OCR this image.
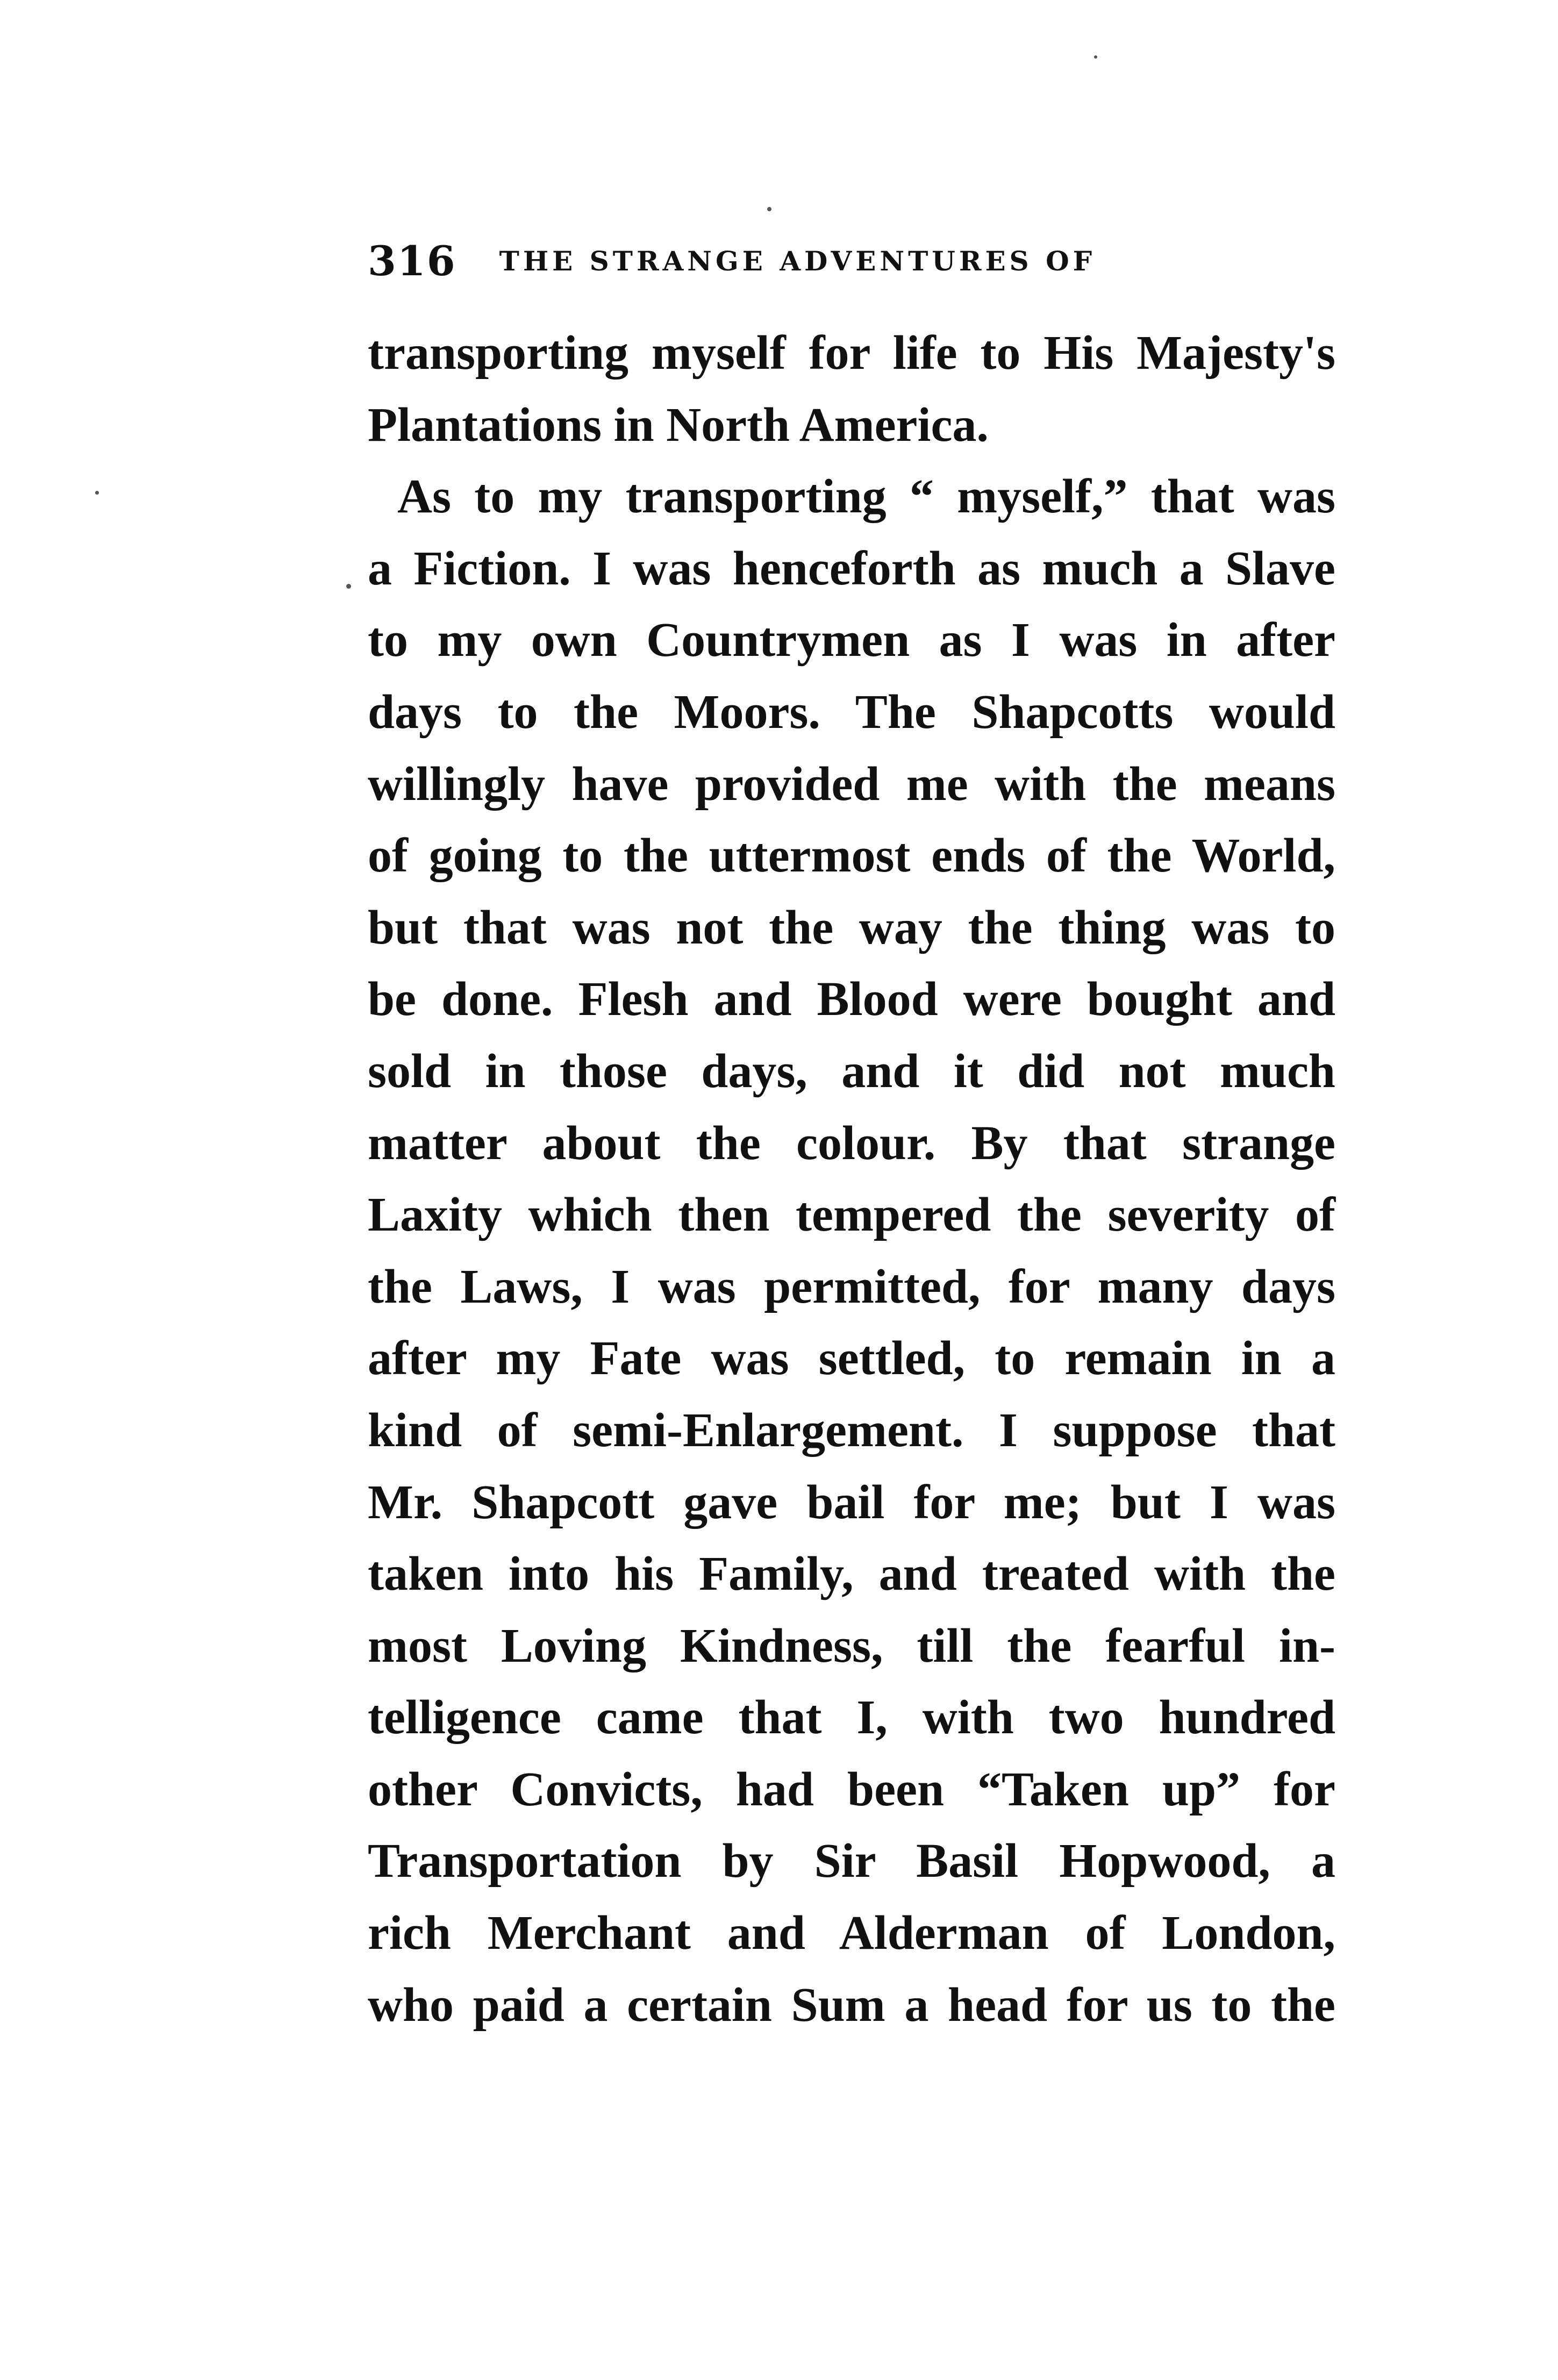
316 THE STRANGE ADVENTURES OF
transporting myself for life to His Majesty's
Plantations in North America.
As to my transporting “ myself,” that was
a Fiction. I was henceforth as much a Slave
to my own Countrymen as I was in after
days to the Moors. The Shapcotts would
willingly have provided me with the means
of going to the uttermost ends of the World,
but that was not the way the thing was to
be done. Flesh and Blood were bought and
sold in those days, and it did not much
matter about the colour. By that strange
Laxity which then tempered the severity of
the Laws, I was permitted, for many days
after my Fate was settled, to remain in a
kind of semi-Enlargement. I suppose that
Mr. Shapcott gave bail for me; but I was
taken into his Family, and treated with the
most Loving Kindness, till the fearful in-
telligence came that I, with two hundred
other Convicts, had been “Taken up” for
Transportation by Sir Basil Hopwood, a
rich Merchant and Alderman of London,
who paid a certain Sum a head for us to the
